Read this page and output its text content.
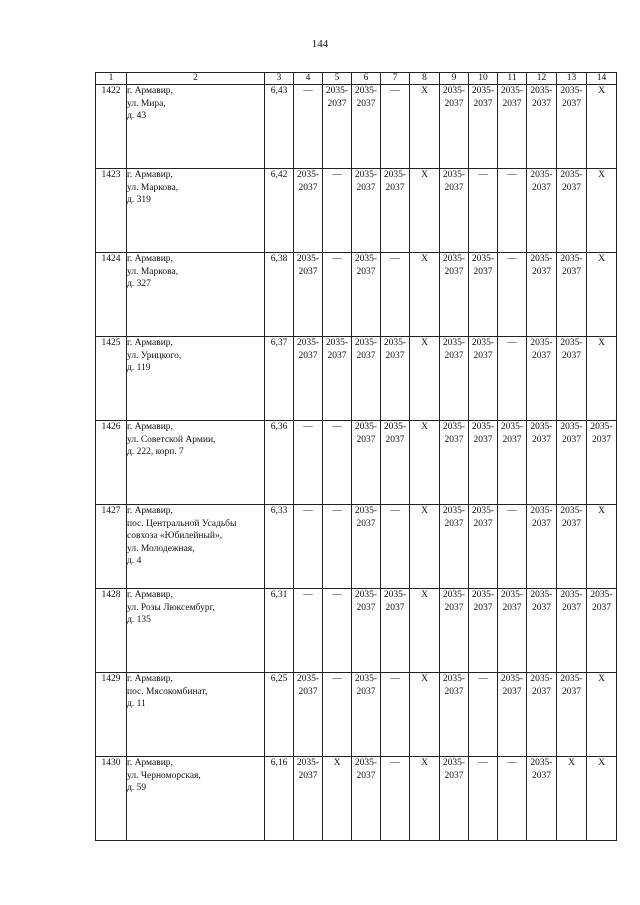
144
1	2	3	4	5	6	7	8	9	10	11	12	13	14
1422	г. Армавир,
ул. Мира,
д. 43	6,43	—	2035-
2037	2035-
2037	—	X	2035-
2037	2035-
2037	2035-
2037	2035-
2037	2035-
2037	X
1423	г. Армавир,
ул. Маркова,
д. 319	6,42	2035-
2037	—	2035-
2037	2035-
2037	X	2035-
2037	—	—	2035-
2037	2035-
2037	X
1424	г. Армавир,
ул. Маркова,
д. 327	6,38	2035-
2037	—	2035-
2037	—	X	2035-
2037	2035-
2037	—	2035-
2037	2035-
2037	X
1425	г. Армавир,
ул. Урицкого,
д. 119	6,37	2035-
2037	2035-
2037	2035-
2037	2035-
2037	X	2035-
2037	2035-
2037	—	2035-
2037	2035-
2037	X
1426	г. Армавир,
ул. Советской Армии,
д. 222, корп. 7	6,36	—	—	2035-
2037	2035-
2037	X	2035-
2037	2035-
2037	2035-
2037	2035-
2037	2035-
2037	2035-
2037
1427	г. Армавир,
пос. Центральной Усадьбы
совхоза «Юбилейный»,
ул. Молодежная,
д. 4	6,33	—	—	2035-
2037	—	X	2035-
2037	2035-
2037	—	2035-
2037	2035-
2037	X
1428	г. Армавир,
ул. Розы Люксембург,
д. 135	6,31	—	—	2035-
2037	2035-
2037	X	2035-
2037	2035-
2037	2035-
2037	2035-
2037	2035-
2037	2035-
2037
1429	г. Армавир,
пос. Мясокомбинат,
д. 11	6,25	2035-
2037	—	2035-
2037	—	X	2035-
2037	—	2035-
2037	2035-
2037	2035-
2037	X
1430	г. Армавир,
ул. Черноморская,
д. 59	6,16	2035-
2037	X	2035-
2037	—	X	2035-
2037	—	—	2035-
2037	X	X
